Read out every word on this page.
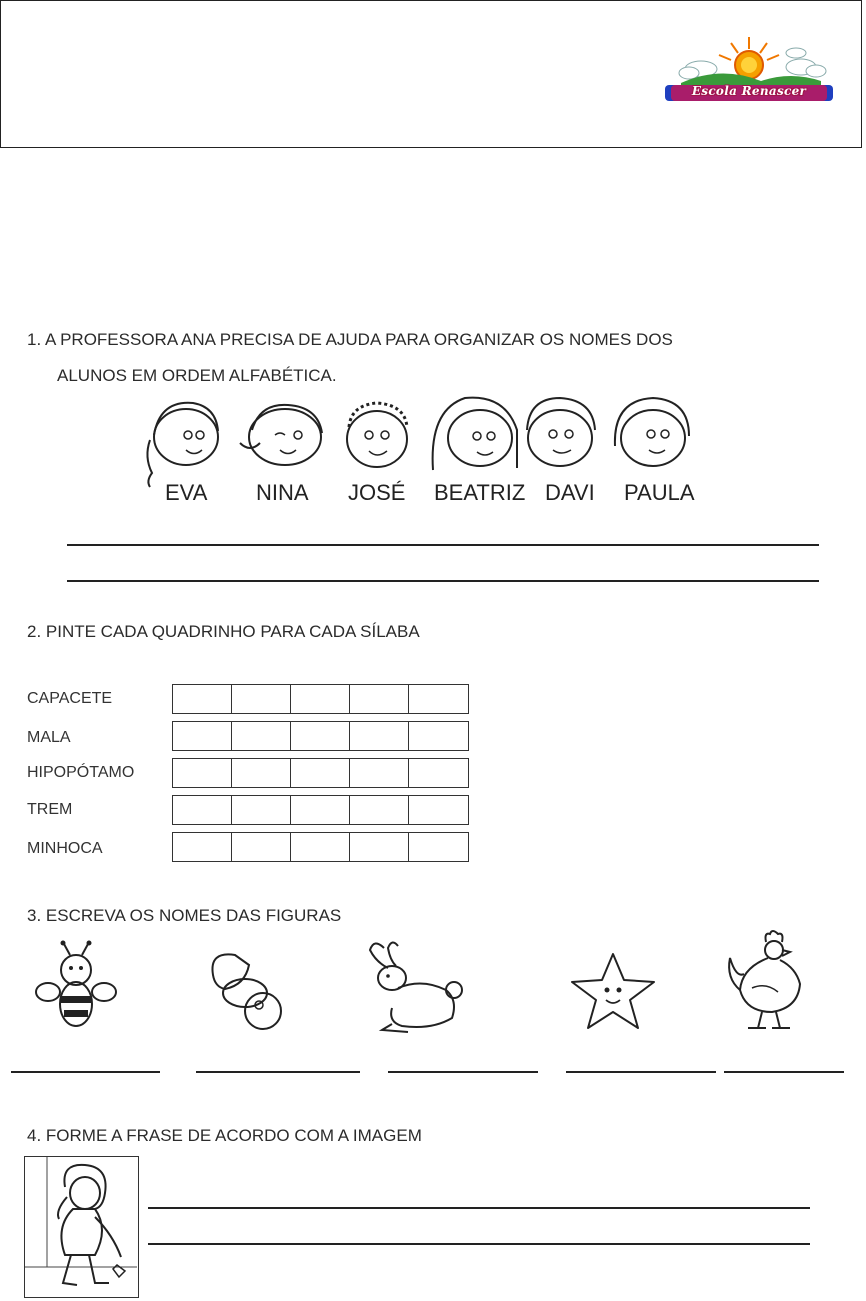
Escola Renascer
1. A PROFESSORA ANA PRECISA DE AJUDA PARA ORGANIZAR OS NOMES DOS
ALUNOS EM ORDEM ALFABÉTICA.
EVA NINA JOSÉ BEATRIZ DAVI PAULA
2. PINTE CADA QUADRINHO PARA CADA SÍLABA
CAPACETE
MALA
HIPOPÓTAMO
TREM
MINHOCA
3. ESCREVA OS NOMES DAS FIGURAS
4. FORME A FRASE DE ACORDO COM A IMAGEM
